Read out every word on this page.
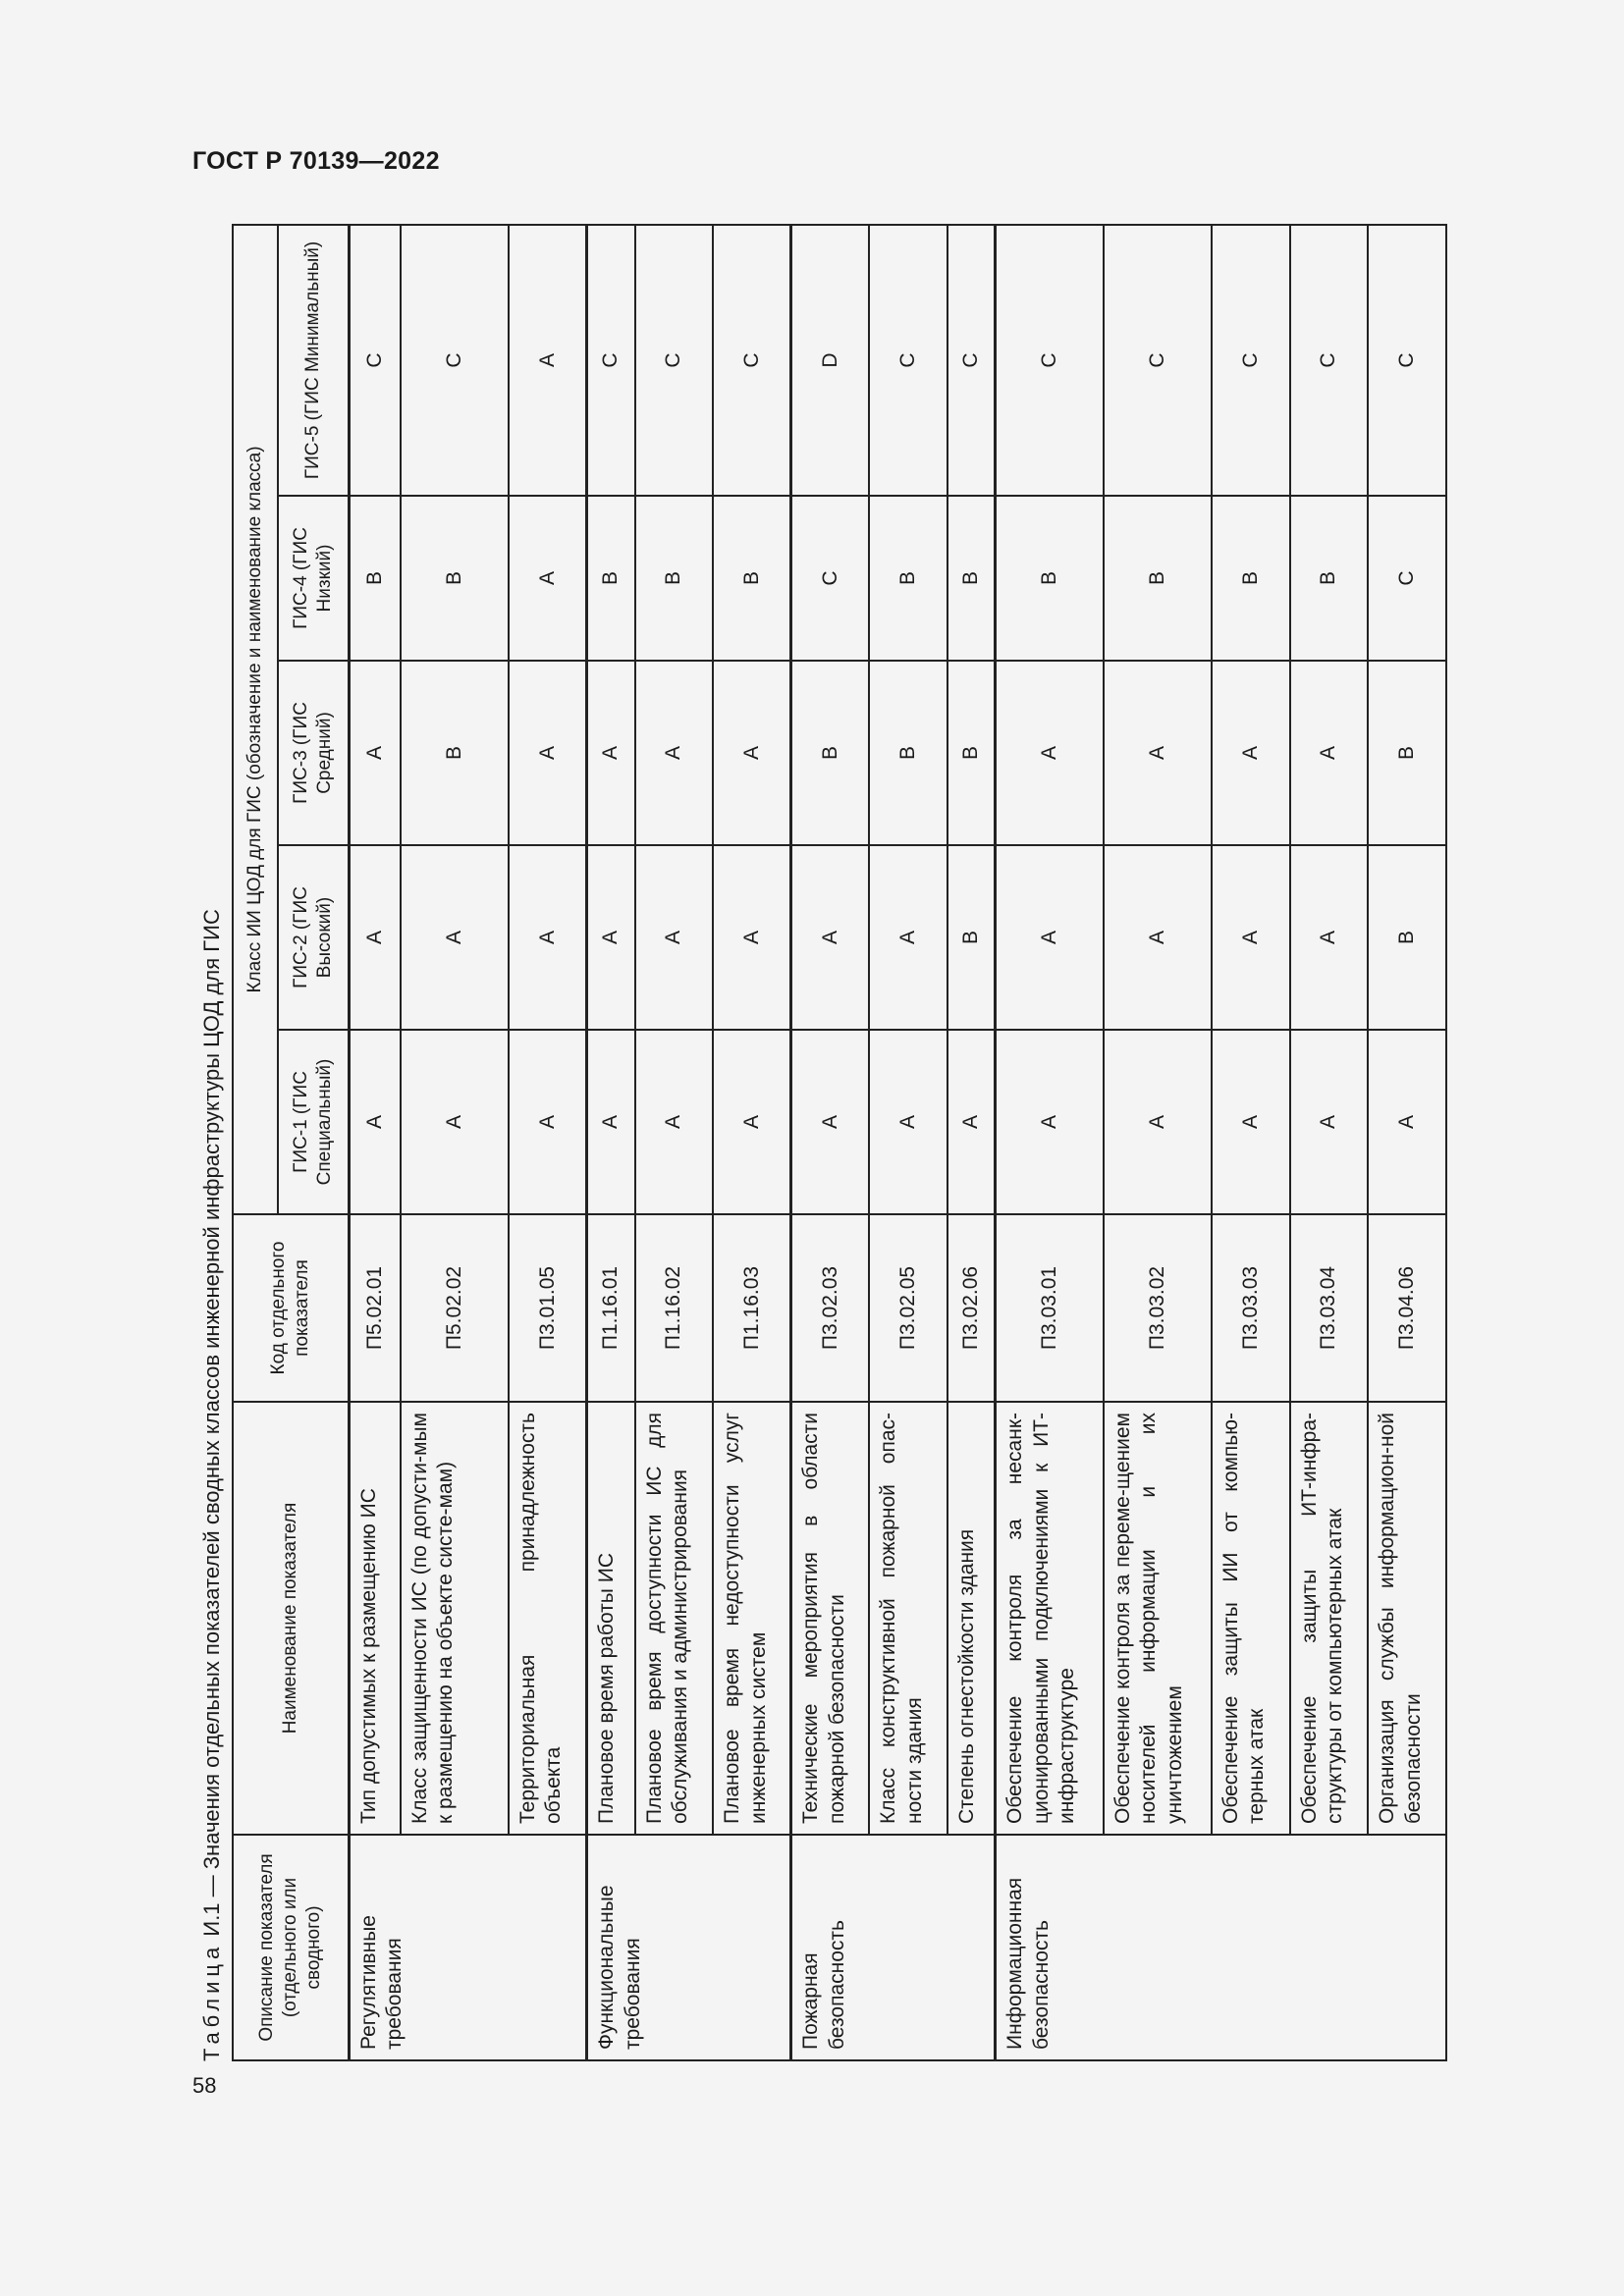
ГОСТ Р 70139—2022
Таблица И.1 — Значения отдельных показателей сводных классов инженерной инфраструктуры ЦОД для ГИС
Описание показателя (отдельного или сводного)	Наименование показателя	Код отдельного показателя	Класс ИИ ЦОД для ГИС (обозначение и наименование класса)				
			ГИС-1 (ГИС Специальный)	ГИС-2 (ГИС Высокий)	ГИС-3 (ГИС Средний)	ГИС-4 (ГИС Низкий)	ГИС-5 (ГИС Минимальный)
Регулятивные требования	Тип допустимых к размещению ИС	П5.02.01	А	А	А	В	С
	Класс защищенности ИС (по допусти-мым к размещению на объекте систе-мам)	П5.02.02	А	А	В	В	С
	Территориальная принадлежность объекта	П3.01.05	А	А	А	А	А
Функциональные требования	Плановое время работы ИС	П1.16.01	А	А	А	В	С
	Плановое время доступности ИС для обслуживания и администрирования	П1.16.02	А	А	А	В	С
	Плановое время недоступности услуг инженерных систем	П1.16.03	А	А	А	В	С
Пожарная безопасность	Технические мероприятия в области пожарной безопасности	П3.02.03	А	А	В	С	D
	Класс конструктивной пожарной опас-ности здания	П3.02.05	А	А	В	В	С
	Степень огнестойкости здания	П3.02.06	А	В	В	В	С
Информационная безопасность	Обеспечение контроля за несанк-ционированными подключениями к ИТ-инфраструктуре	П3.03.01	А	А	А	В	С
	Обеспечение контроля за переме-щением носителей информации и их уничтожением	П3.03.02	А	А	А	В	С
	Обеспечение защиты ИИ от компью-терных атак	П3.03.03	А	А	А	В	С
	Обеспечение защиты ИТ-инфра-структуры от компьютерных атак	П3.03.04	А	А	А	В	С
	Организация службы информацион-ной безопасности	П3.04.06	А	В	В	С	С
58
